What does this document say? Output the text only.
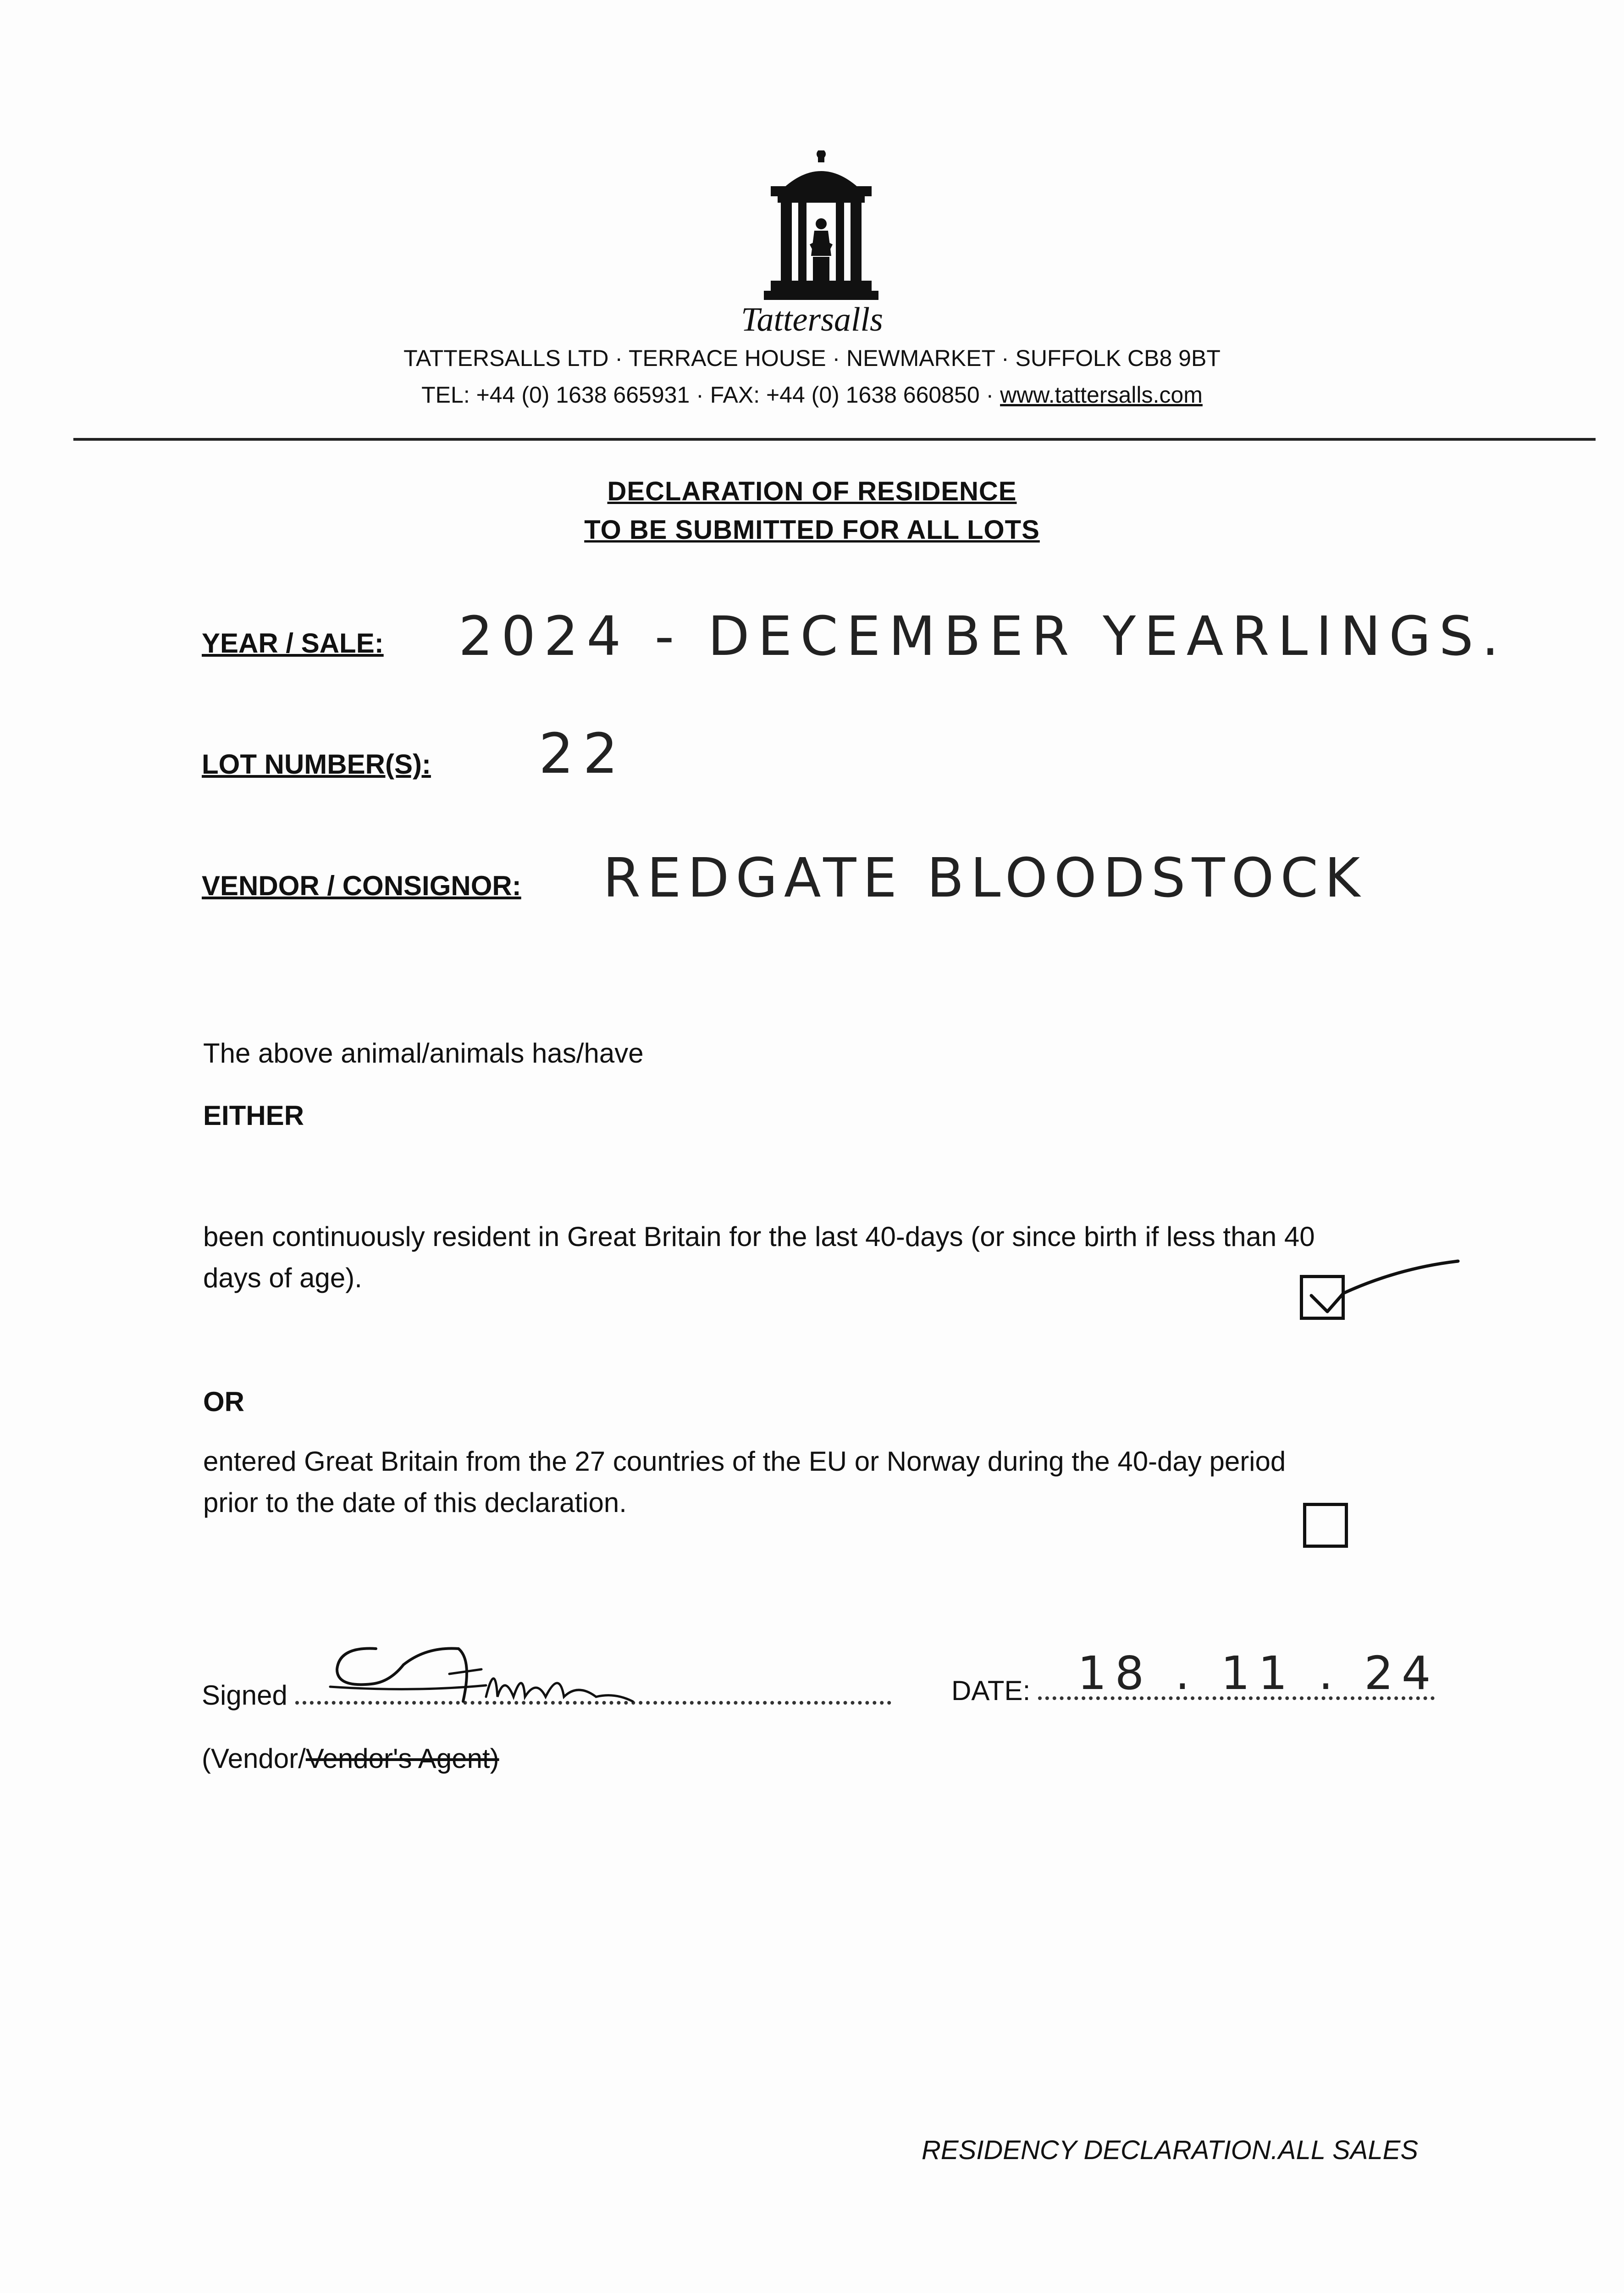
Tattersalls
TATTERSALLS LTD · TERRACE HOUSE · NEWMARKET · SUFFOLK CB8 9BT
TEL: +44 (0) 1638 665931 · FAX: +44 (0) 1638 660850 · www.tattersalls.com
DECLARATION OF RESIDENCE
TO BE SUBMITTED FOR ALL LOTS
YEAR / SALE: 2024 - DECEMBER YEARLINGS.
LOT NUMBER(S): 22
VENDOR / CONSIGNOR: REDGATE BLOODSTOCK
The above animal/animals has/have
EITHER
been continuously resident in Great Britain for the last 40-days (or since birth if less than 40
days of age).
OR
entered Great Britain from the 27 countries of the EU or Norway during the 40-day period
prior to the date of this declaration.
Signed	DATE:	18 . 11 . 24
(Vendor/Vendor's Agent)
RESIDENCY DECLARATION.ALL SALES
